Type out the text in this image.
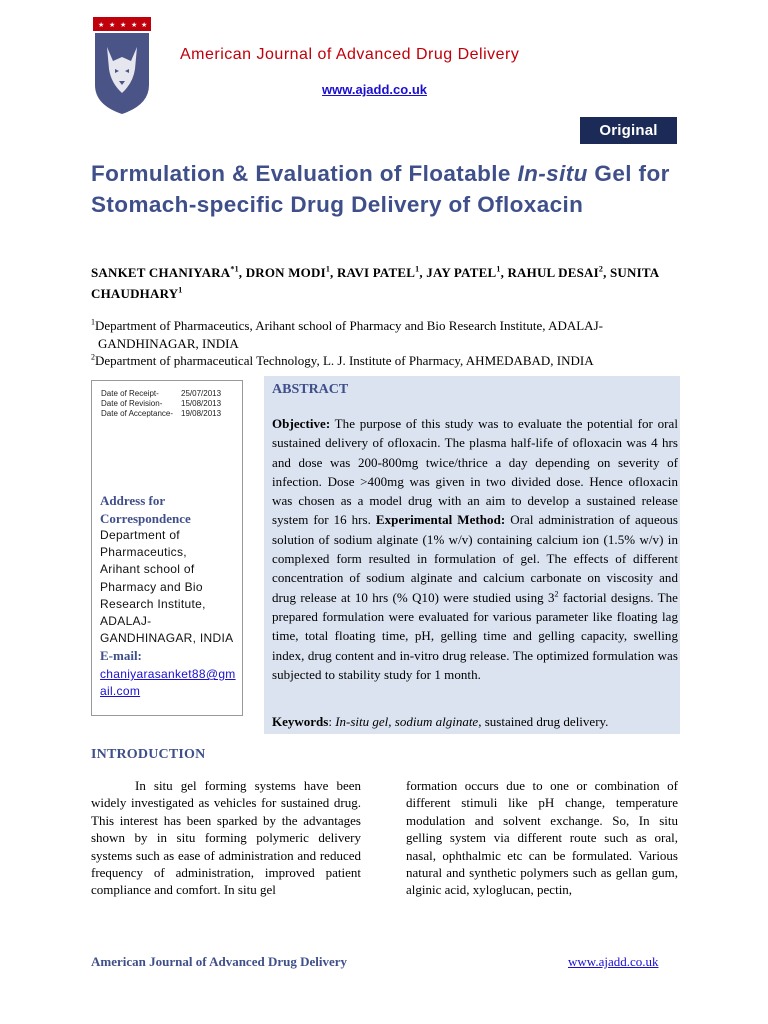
★ ★ ★ ★ ★
American Journal of Advanced Drug Delivery
www.ajadd.co.uk
Original Article
Formulation & Evaluation of Floatable In-situ Gel for Stomach-specific Drug Delivery of Ofloxacin
SANKET CHANIYARA$^{*1}$, DRON MODI$^1$, RAVI PATEL$^1$, JAY PATEL$^1$, RAHUL DESAI$^2$, SUNITA CHAUDHARY$^1$
$^1$Department of Pharmaceutics, Arihant school of Pharmacy and Bio Research Institute, ADALAJ-
GANDHINAGAR, INDIA
$^2$Department of pharmaceutical Technology, L. J. Institute of Pharmacy, AHMEDABAD, INDIA
Date of Receipt-	25/07/2013
Date of Revision- 15/08/2013
Date of Acceptance- 19/08/2013
Address for
Correspondence
Department of
Pharmaceutics,
Arihant school of
Pharmacy and Bio
Research Institute,
ADALAJ-
GANDHINAGAR, INDIA
E-mail:
chaniyarasanket88@gmail.com
ABSTRACT
Objective: The purpose of this study was to evaluate the potential for oral sustained delivery of ofloxacin. The plasma half-life of ofloxacin was 4 hrs and dose was 200-800mg twice/thrice a day depending on severity of infection. Dose >400mg was given in two divided dose. Hence ofloxacin was chosen as a model drug with an aim to develop a sustained release system for 16 hrs. Experimental Method: Oral administration of aqueous solution of sodium alginate (1% w/v) containing calcium ion (1.5% w/v) in complexed form resulted in formulation of gel. The effects of different concentration of sodium alginate and calcium carbonate on viscosity and drug release at 10 hrs (% Q10) were studied using $3^2$ factorial designs. The prepared formulation were evaluated for various parameter like floating lag time, total floating time, pH, gelling time and gelling capacity, swelling index, drug content and in-vitro drug release. The optimized formulation was subjected to stability study for 1 month.
Keywords: In-situ gel, sodium alginate, sustained drug delivery.
INTRODUCTION
In situ gel forming systems have been widely investigated as vehicles for sustained drug. This interest has been sparked by the advantages shown by in situ forming polymeric delivery systems such as ease of administration and reduced frequency of administration, improved patient compliance and comfort. In situ gel
formation occurs due to one or combination of different stimuli like pH change, temperature modulation and solvent exchange. So, In situ gelling system via different route such as oral, nasal, ophthalmic etc can be formulated. Various natural and synthetic polymers such as gellan gum, alginic acid, xyloglucan, pectin,
American Journal of Advanced Drug Delivery	www.ajadd.co.uk
